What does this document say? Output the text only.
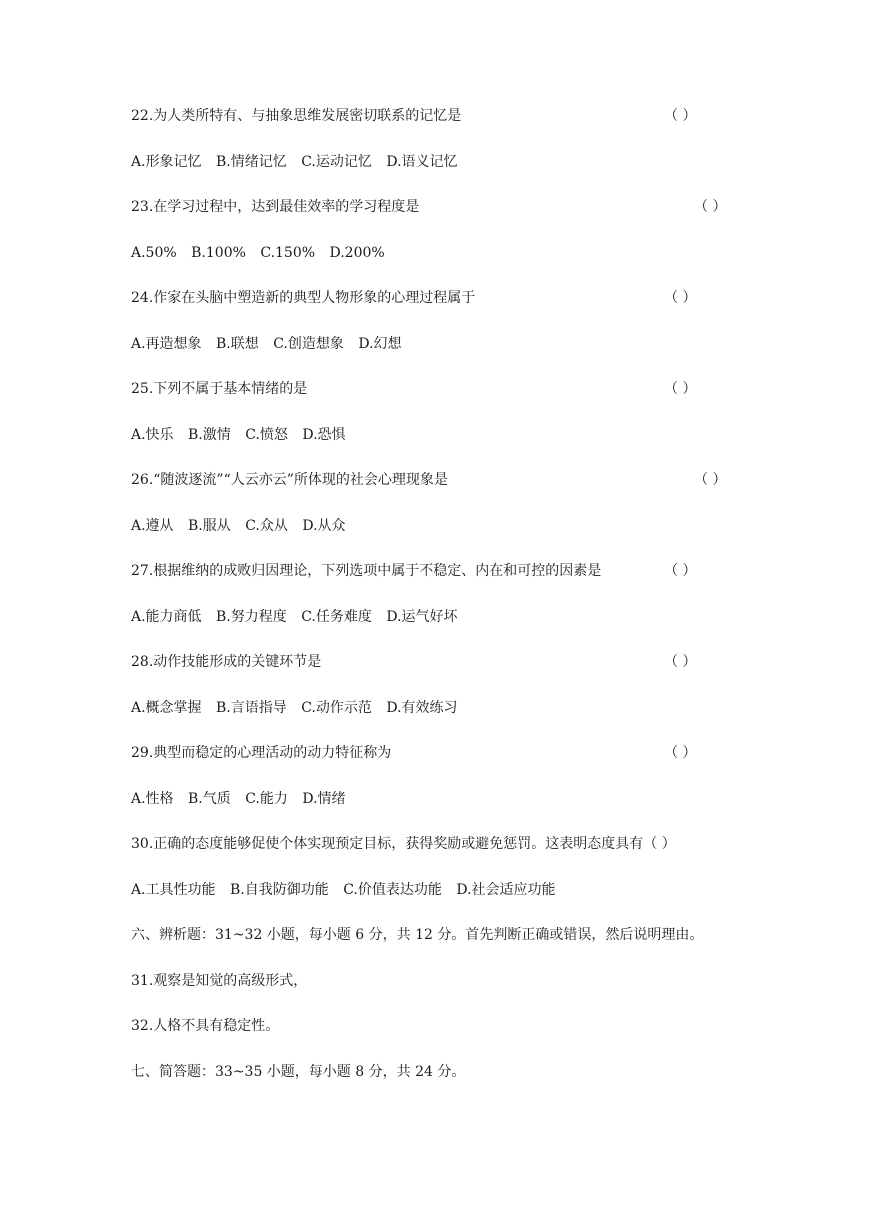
22.为人类所特有、与抽象思维发展密切联系的记忆是	（ ）
A.形象记忆 B.情绪记忆 C.运动记忆 D.语义记忆
23.在学习过程中，达到最佳效率的学习程度是	（ ）
A.50% B.100% C.150% D.200%
24.作家在头脑中塑造新的典型人物形象的心理过程属于	（ ）
A.再造想象 B.联想 C.创造想象 D.幻想
25.下列不属于基本情绪的是	（ ）
A.快乐 B.激情 C.愤怒 D.恐惧
26.“随波逐流”“人云亦云”所体现的社会心理现象是	（ ）
A.遵从 B.服从 C.众从 D.从众
27.根据维纳的成败归因理论，下列选项中属于不稳定、内在和可控的因素是	（ ）
A.能力商低 B.努力程度 C.任务难度 D.运气好坏
28.动作技能形成的关键环节是	（ ）
A.概念掌握 B.言语指导 C.动作示范 D.有效练习
29.典型而稳定的心理活动的动力特征称为	（ ）
A.性格 B.气质 C.能力 D.情绪
30.正确的态度能够促使个体实现预定目标，获得奖励或避免惩罚。这表明态度具有（ ）
A.工具性功能 B.自我防御功能 C.价值表达功能 D.社会适应功能
六、辨析题：31~32 小题，每小题 6 分，共 12 分。首先判断正确或错误，然后说明理由。
31.观察是知觉的高级形式，
32.人格不具有稳定性。
七、简答题：33~35 小题，每小题 8 分，共 24 分。
